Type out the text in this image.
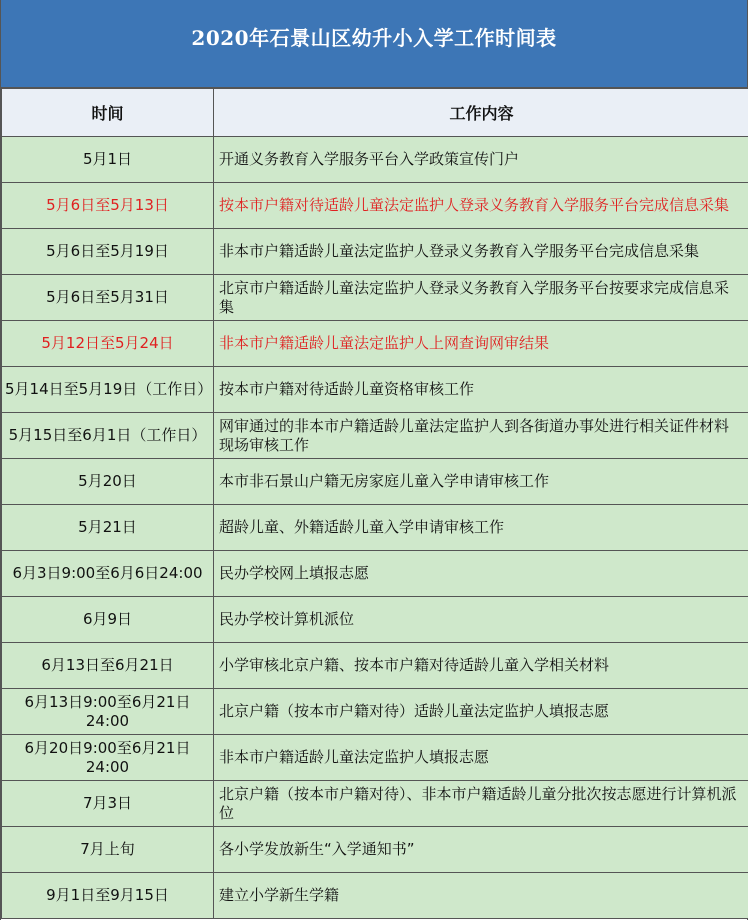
2020年石景山区幼升小入学工作时间表
时间	工作内容
5月1日	开通义务教育入学服务平台入学政策宣传门户
5月6日至5月13日	按本市户籍对待适龄儿童法定监护人登录义务教育入学服务平台完成信息采集
5月6日至5月19日	非本市户籍适龄儿童法定监护人登录义务教育入学服务平台完成信息采集
5月6日至5月31日	北京市户籍适龄儿童法定监护人登录义务教育入学服务平台按要求完成信息采集
5月12日至5月24日	非本市户籍适龄儿童法定监护人上网查询网审结果
5月14日至5月19日（工作日）	按本市户籍对待适龄儿童资格审核工作
5月15日至6月1日（工作日）	网审通过的非本市户籍适龄儿童法定监护人到各街道办事处进行相关证件材料现场审核工作
5月20日	本市非石景山户籍无房家庭儿童入学申请审核工作
5月21日	超龄儿童、外籍适龄儿童入学申请审核工作
6月3日9:00至6月6日24:00	民办学校网上填报志愿
6月9日	民办学校计算机派位
6月13日至6月21日	小学审核北京户籍、按本市户籍对待适龄儿童入学相关材料
6月13日9:00至6月21日24:00	北京户籍（按本市户籍对待）适龄儿童法定监护人填报志愿
6月20日9:00至6月21日24:00	非本市户籍适龄儿童法定监护人填报志愿
7月3日	北京户籍（按本市户籍对待）、非本市户籍适龄儿童分批次按志愿进行计算机派位
7月上旬	各小学发放新生“入学通知书”
9月1日至9月15日	建立小学新生学籍
